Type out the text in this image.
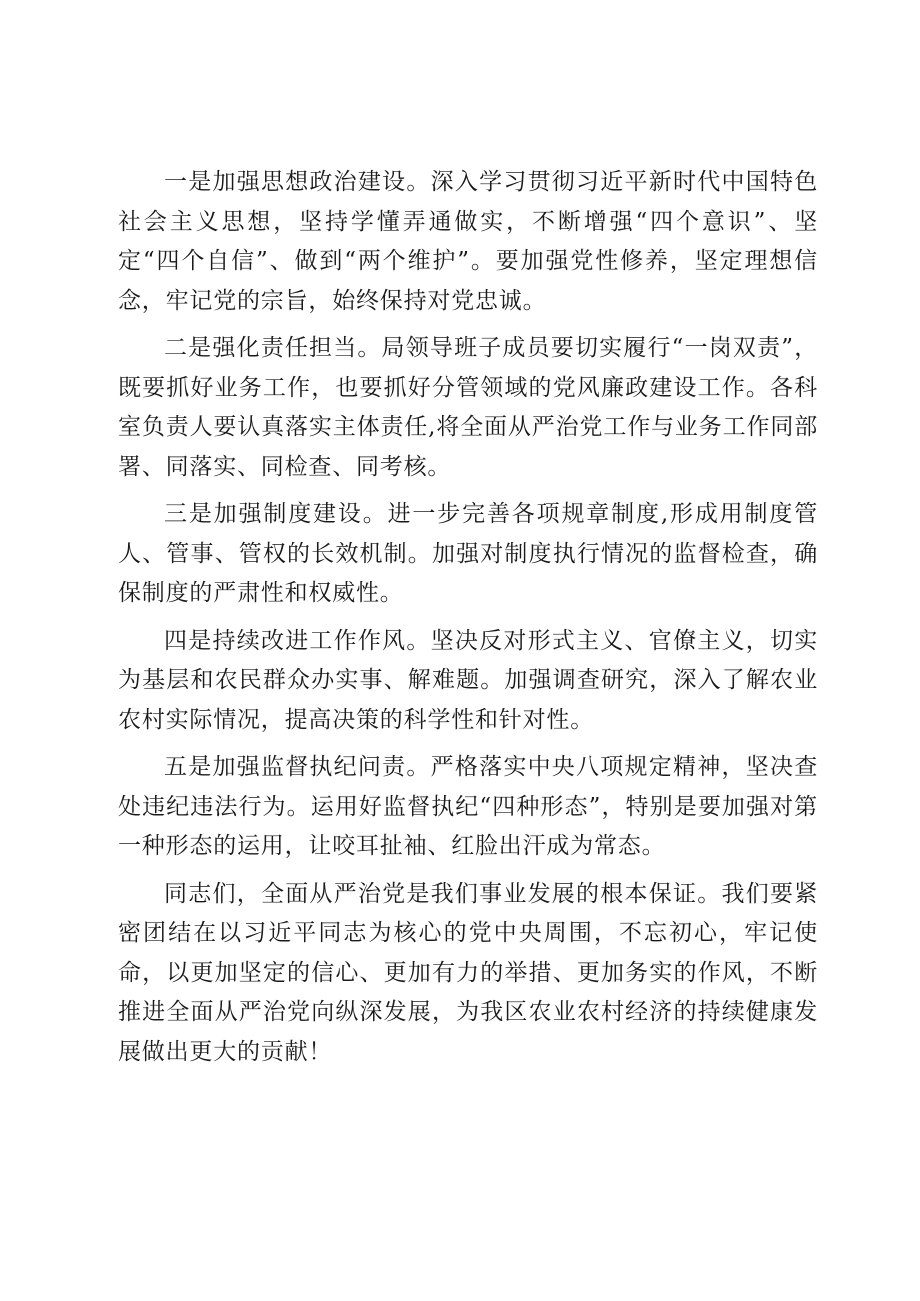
一是加强思想政治建设。深入学习贯彻习近平新时代中国特色社会主义思想，坚持学懂弄通做实，不断增强“四个意识”、坚定“四个自信”、做到“两个维护”。要加强党性修养，坚定理想信念，牢记党的宗旨，始终保持对党忠诚。

二是强化责任担当。局领导班子成员要切实履行“一岗双责”，既要抓好业务工作，也要抓好分管领域的党风廉政建设工作。各科室负责人要认真落实主体责任,将全面从严治党工作与业务工作同部署、同落实、同检查、同考核。

三是加强制度建设。进一步完善各项规章制度,形成用制度管人、管事、管权的长效机制。加强对制度执行情况的监督检查，确保制度的严肃性和权威性。

四是持续改进工作作风。坚决反对形式主义、官僚主义，切实为基层和农民群众办实事、解难题。加强调查研究，深入了解农业农村实际情况，提高决策的科学性和针对性。

五是加强监督执纪问责。严格落实中央八项规定精神，坚决查处违纪违法行为。运用好监督执纪“四种形态”，特别是要加强对第一种形态的运用，让咬耳扯袖、红脸出汗成为常态。

同志们，全面从严治党是我们事业发展的根本保证。我们要紧密团结在以习近平同志为核心的党中央周围，不忘初心，牢记使命，以更加坚定的信心、更加有力的举措、更加务实的作风，不断推进全面从严治党向纵深发展，为我区农业农村经济的持续健康发展做出更大的贡献！
